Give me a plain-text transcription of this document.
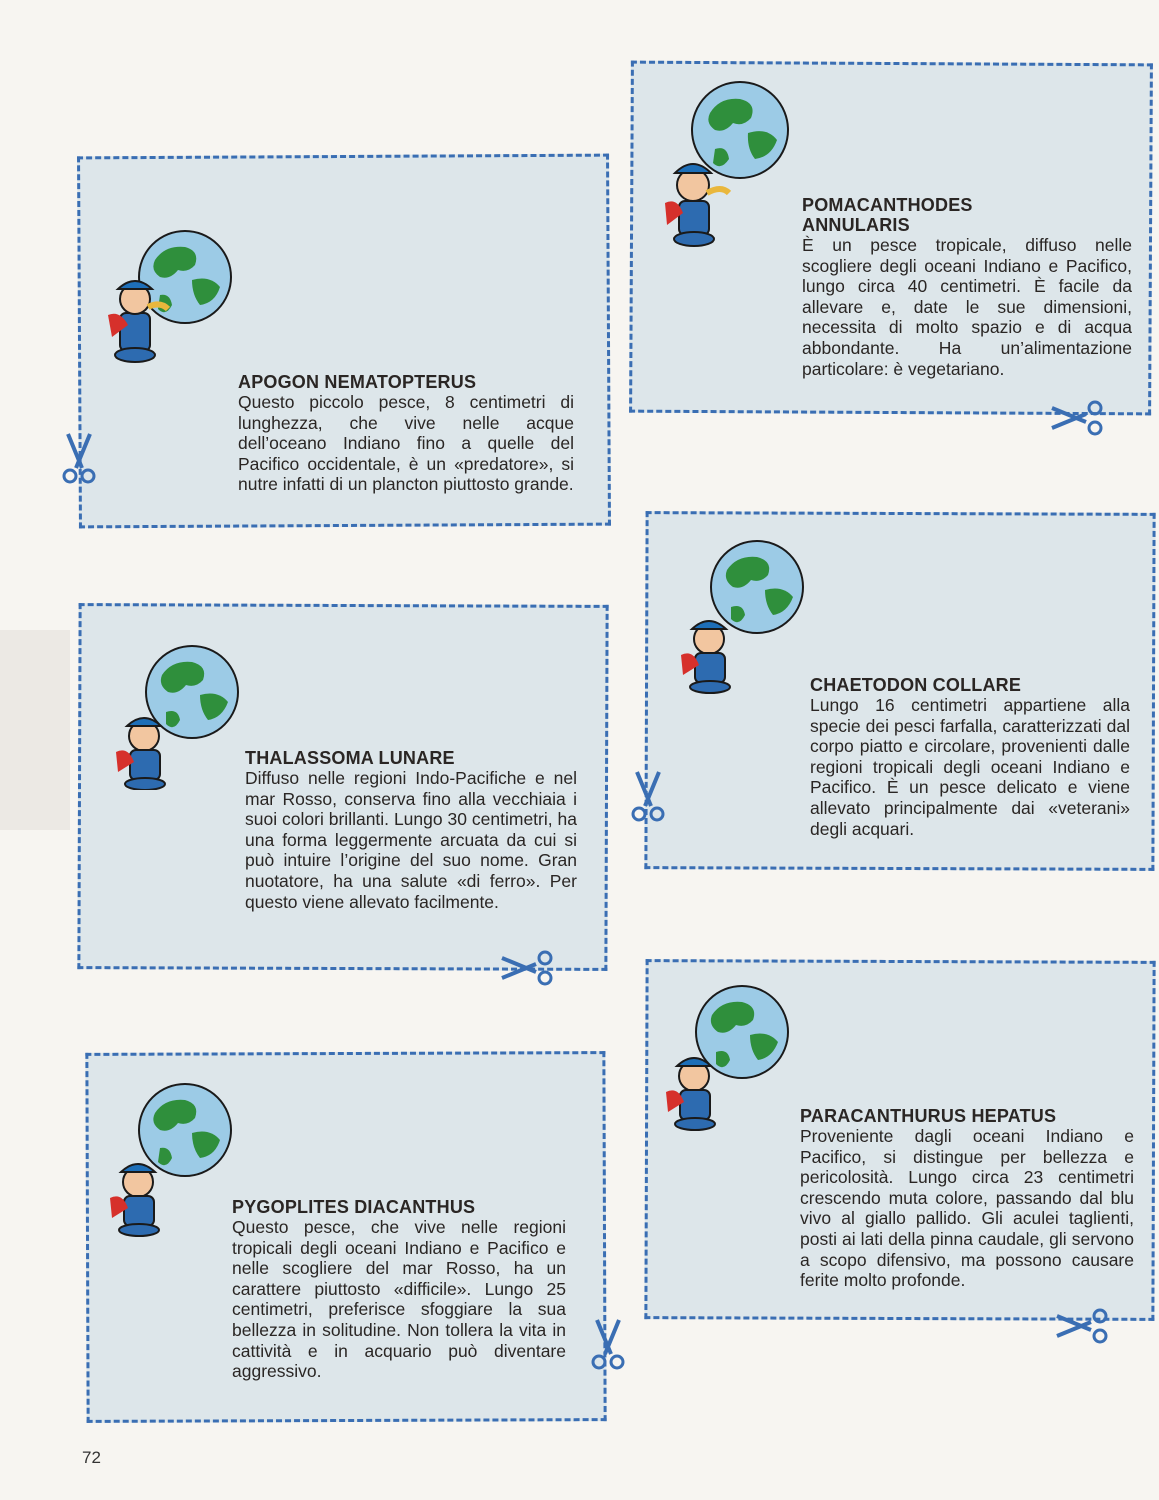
APOGON NEMATOPTERUS
Questo piccolo pesce, 8 centimetri di lunghezza, che vive nelle acque dell’oceano Indiano fino a quelle del Pacifico occidentale, è un «predatore», si nutre infatti di un plancton piuttosto grande.
POMACANTHODES ANNULARIS
È un pesce tropicale, diffuso nelle scogliere degli oceani Indiano e Pacifico, lungo circa 40 centimetri. È facile da allevare e, date le sue dimensioni, necessita di molto spazio e di acqua abbondante. Ha un’alimentazione particolare: è vegetariano.
THALASSOMA LUNARE
Diffuso nelle regioni Indo-Pacifiche e nel mar Rosso, conserva fino alla vecchiaia i suoi colori brillanti. Lungo 30 centimetri, ha una forma leggermente arcuata da cui si può intuire l’origine del suo nome. Gran nuotatore, ha una salute «di ferro». Per questo viene allevato facilmente.
CHAETODON COLLARE
Lungo 16 centimetri appartiene alla specie dei pesci farfalla, caratterizzati dal corpo piatto e circolare, provenienti dalle regioni tropicali degli oceani Indiano e Pacifico. È un pesce delicato e viene allevato principalmente dai «veterani» degli acquari.
PYGOPLITES DIACANTHUS
Questo pesce, che vive nelle regioni tropicali degli oceani Indiano e Pacifico e nelle scogliere del mar Rosso, ha un carattere piuttosto «difficile». Lungo 25 centimetri, preferisce sfoggiare la sua bellezza in solitudine. Non tollera la vita in cattività e in acquario può diventare aggressivo.
PARACANTHURUS HEPATUS
Proveniente dagli oceani Indiano e Pacifico, si distingue per bellezza e pericolosità. Lungo circa 23 centimetri crescendo muta colore, passando dal blu vivo al giallo pallido. Gli aculei taglienti, posti ai lati della pinna caudale, gli servono a scopo difensivo, ma possono causare ferite molto profonde.
72
